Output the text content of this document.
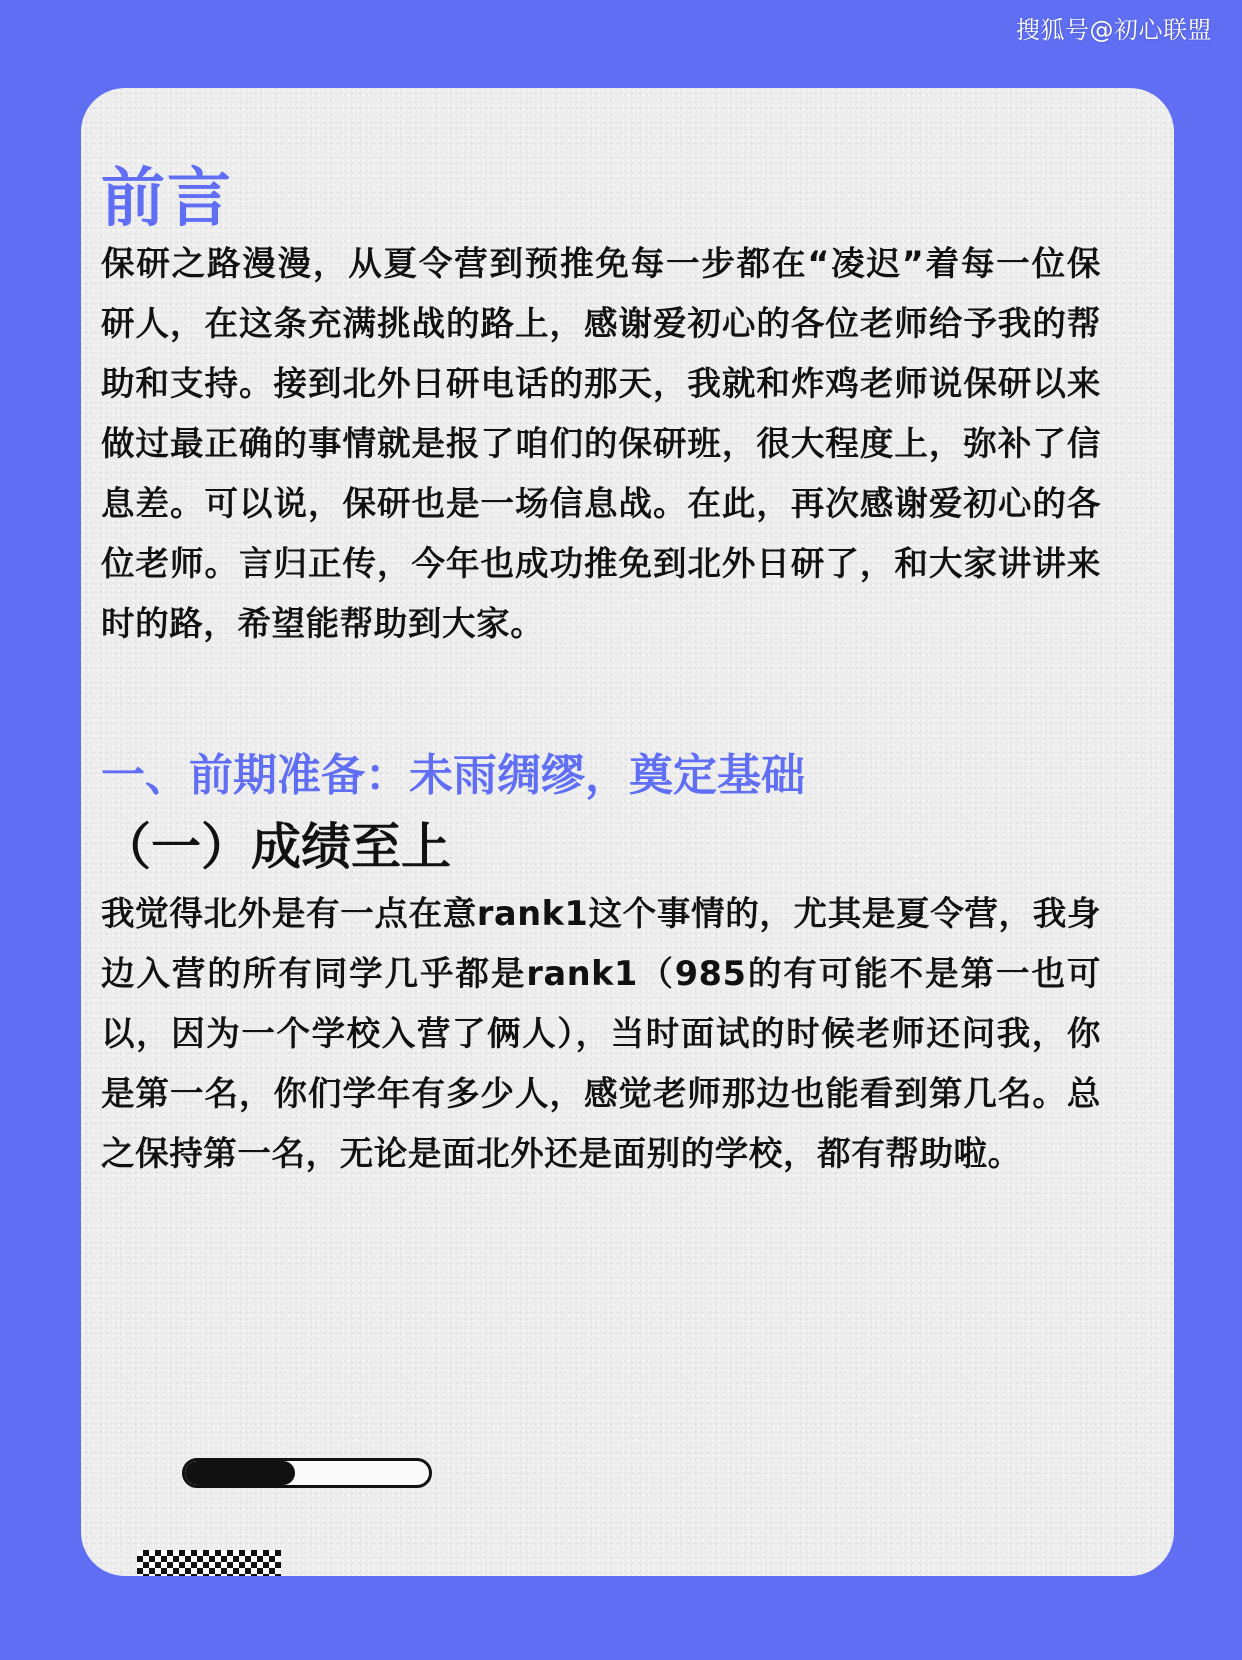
搜狐号@初心联盟
前言

保研之路漫漫，从夏令营到预推免每一步都在“凌迟”着每一位保研人，在这条充满挑战的路上，感谢爱初心的各位老师给予我的帮助和支持。接到北外日研电话的那天，我就和炸鸡老师说保研以来做过最正确的事情就是报了咱们的保研班，很大程度上，弥补了信息差。可以说，保研也是一场信息战。在此，再次感谢爱初心的各位老师。言归正传，今年也成功推免到北外日研了，和大家讲讲来时的路，希望能帮助到大家。

一、前期准备：未雨绸缪，奠定基础
（一）成绩至上

我觉得北外是有一点在意rank1这个事情的，尤其是夏令营，我身边入营的所有同学几乎都是rank1（985的有可能不是第一也可以，因为一个学校入营了俩人），当时面试的时候老师还问我，你是第一名，你们学年有多少人，感觉老师那边也能看到第几名。总之保持第一名，无论是面北外还是面别的学校，都有帮助啦。
